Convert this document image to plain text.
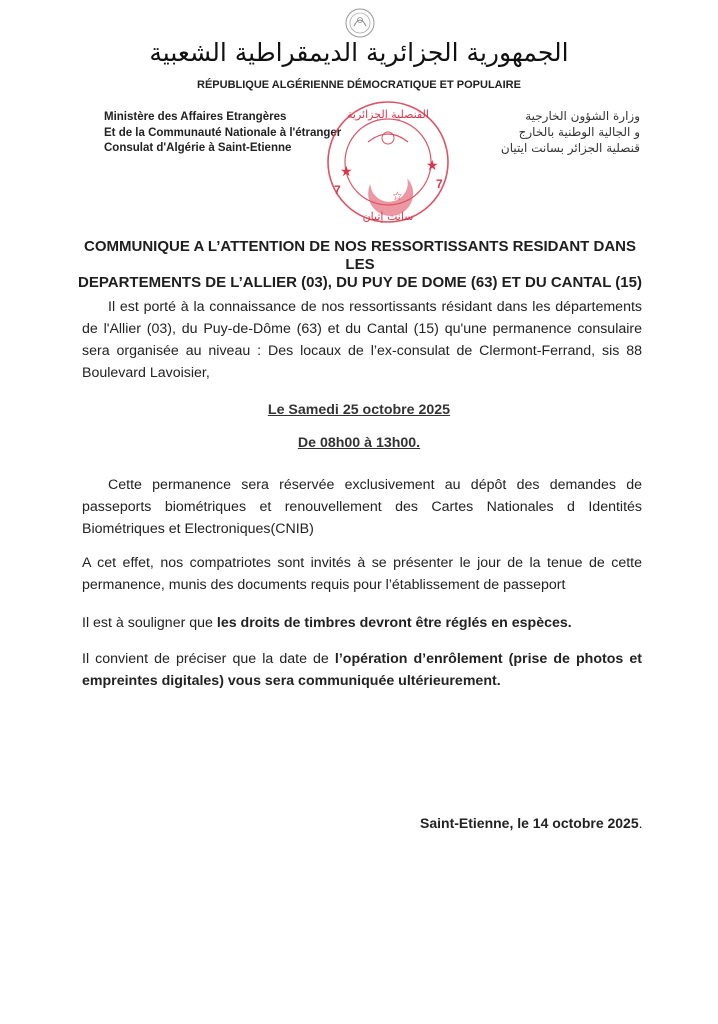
الجمهورية الجزائرية الديمقراطية الشعبية
RÉPUBLIQUE ALGÉRIENNE DÉMOCRATIQUE ET POPULAIRE
Ministère des Affaires Etrangères
Et de la Communauté Nationale à l'étranger
Consulat d'Algérie à Saint-Etienne
وزارة الشؤون الخارجية
و الجالية الوطنية بالخارج
قنصلية الجزائر بسانت ايتيان
★	★
☆
7	7
القنصلية الجزائرية
سانت إتيان
COMMUNIQUE A L’ATTENTION DE NOS RESSORTISSANTS RESIDANT DANS LES
DEPARTEMENTS DE L’ALLIER (03), DU PUY DE DOME (63) ET DU CANTAL (15)
Il est porté à la connaissance de nos ressortissants résidant dans les départements de l'Allier (03), du Puy-de-Dôme (63) et du Cantal (15) qu'une permanence consulaire sera organisée au niveau : Des locaux de l’ex-consulat de Clermont-Ferrand, sis 88 Boulevard Lavoisier,
Le Samedi 25 octobre 2025
De 08h00 à 13h00.
Cette permanence sera réservée exclusivement au dépôt des demandes de passeports biométriques et renouvellement des Cartes Nationales d Identités Biométriques et Electroniques(CNIB)
A cet effet, nos compatriotes sont invités à se présenter le jour de la tenue de cette permanence, munis des documents requis pour l’établissement de passeport
Il est à souligner que les droits de timbres devront être réglés en espèces.
Il convient de préciser que la date de l’opération d’enrôlement (prise de photos et empreintes digitales) vous sera communiquée ultérieurement.
Saint-Etienne, le 14 octobre 2025.
